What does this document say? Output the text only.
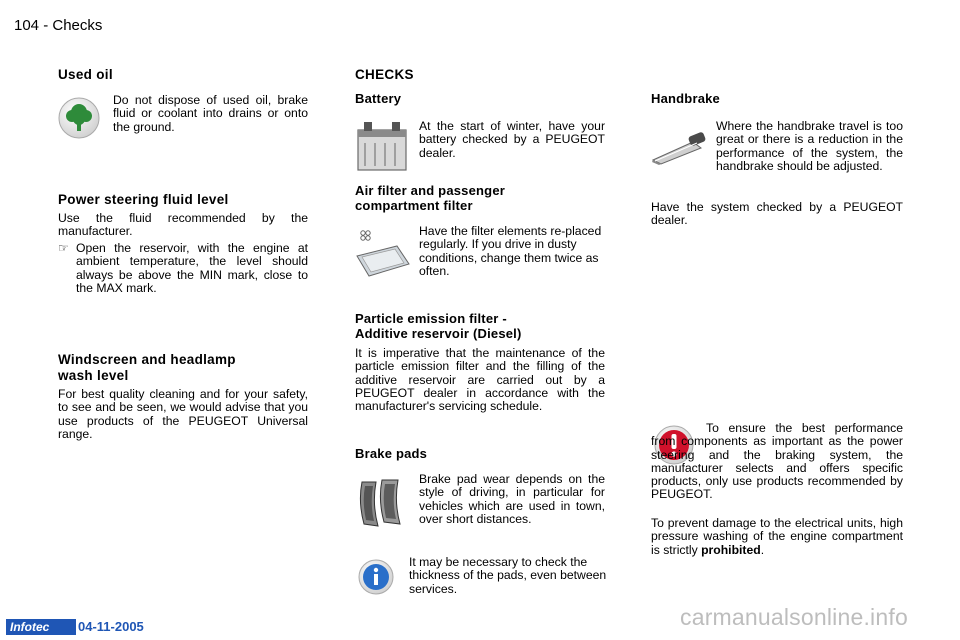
104 - Checks
Used oil
Do not dispose of used oil, brake fluid or coolant into drains or onto the ground.
Power steering fluid level
Use the fluid recommended by the manufacturer.
☞ Open the reservoir, with the engine at ambient temperature, the level should always be above the MIN mark, close to the MAX mark.
Windscreen and headlamp
wash level
For best quality cleaning and for your safety, to see and be seen, we would advise that you use products of the PEUGEOT Universal range.
CHECKS
Battery
At the start of winter, have your battery checked by a PEUGEOT dealer.
Air filter and passenger
compartment filter
Have the filter elements re-placed regularly. If you drive in dusty conditions, change them twice as often.
Particle emission filter -
Additive reservoir (Diesel)
It is imperative that the maintenance of the particle emission filter and the filling of the additive reservoir are carried out by a PEUGEOT dealer in accordance with the manufacturer's servicing schedule.
Brake pads
Brake pad wear depends on the style of driving, in particular for vehicles which are used in town, over short distances.
It may be necessary to check the thickness of the pads, even between services.
Handbrake
Where the handbrake travel is too great or there is a reduction in the performance of the system, the handbrake should be adjusted.
Have the system checked by a PEUGEOT dealer.
To ensure the best performance from components as important as the power steering and the braking system, the manufacturer selects and offers specific products, only use products recommended by PEUGEOT.
To prevent damage to the electrical units, high pressure washing of the engine compartment is strictly prohibited.
Infotec	04-11-2005	carmanualsonline.info
